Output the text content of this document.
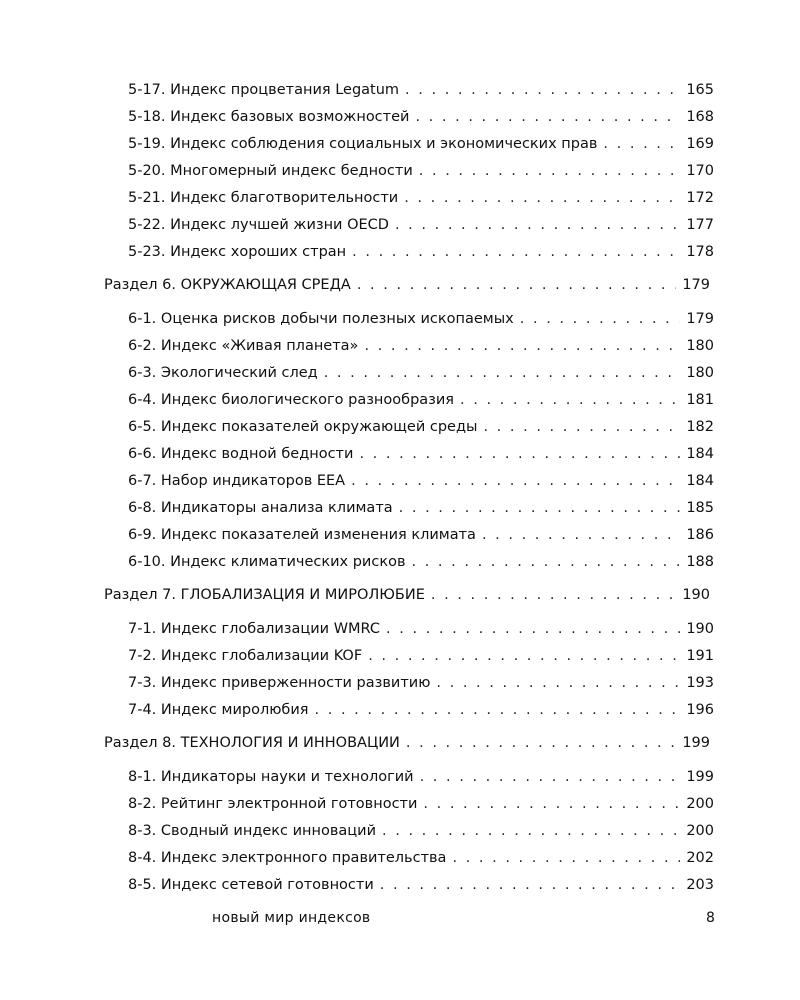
5-17. Индекс процветания Legatum . . .	165
5-18. Индекс базовых возможностей . . .	168
5-19. Индекс соблюдения социальных и экономических прав . . .	169
5-20. Многомерный индекс бедности . . .	170
5-21. Индекс благотворительности . . .	172
5-22. Индекс лучшей жизни OECD . . .	177
5-23. Индекс хороших стран . . .	178
Раздел 6. ОКРУЖАЮЩАЯ СРЕДА . . .	179
6-1. Оценка рисков добычи полезных ископаемых . . .	179
6-2. Индекс «Живая планета» . . .	180
6-3. Экологический след . . .	180
6-4. Индекс биологического разнообразия . . .	181
6-5. Индекс показателей окружающей среды . . .	182
6-6. Индекс водной бедности . . .	184
6-7. Набор индикаторов EEA . . .	184
6-8. Индикаторы анализа климата . . .	185
6-9. Индекс показателей изменения климата . . .	186
6-10. Индекс климатических рисков . . .	188
Раздел 7. ГЛОБАЛИЗАЦИЯ И МИРОЛЮБИЕ . . .	190
7-1. Индекс глобализации WMRC . . .	190
7-2. Индекс глобализации KOF . . .	191
7-3. Индекс приверженности развитию . . .	193
7-4. Индекс миролюбия . . .	196
Раздел 8. ТЕХНОЛОГИЯ И ИННОВАЦИИ . . .	199
8-1. Индикаторы науки и технологий . . .	199
8-2. Рейтинг электронной готовности . . .	200
8-3. Сводный индекс инноваций . . .	200
8-4. Индекс электронного правительства . . .	202
8-5. Индекс сетевой готовности . . .	203
новый мир индексов	8
